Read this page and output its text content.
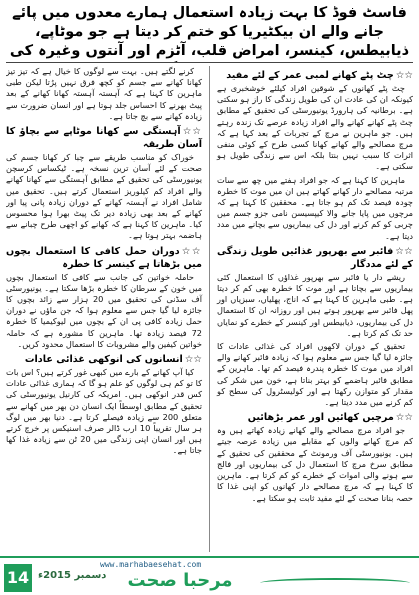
فاسٹ فوڈ کا بہت زیادہ استعمال ہمارے معدوں میں پائے جانے والے ان بیکٹیریا کو ختم کر دیتا ہے جو موٹاپے، ذیابیطس، کینسر، امراض قلب، آٹزم اور آنتوں وغیرہ کی
☆☆چٹ پٹے کھانے لمبی عمر کے لئے مفید
چٹ پٹے کھانوں کے شوقین افراد کیلئے خوشخبری ہے کیونکہ ان کی عادت ان کی طویل زندگی کا راز ہو سکتی ہے۔ برطانیہ کی ہارورڈ یونیورسٹی کی تحقیق کے مطابق چٹ پٹے کھانے کھانے والے افراد زیادہ عرصے تک زندہ رہتے ہیں۔ جو ماہرین نے مرچ کے تجربات کے بعد کہا ہے کہ مرچ مصالحے والے کھانے کھانا کسی طرح کے کوئی منفی اثرات کا سبب نہیں بنتا بلکہ اس سے زندگی طویل ہو سکتی ہے۔
ماہرین کا کہنا ہے کہ جو افراد ہفتے میں چھ سے سات مرتبہ مصالحے دار کھانے کھاتے ہیں ان میں موت کا خطرہ چودہ فیصد تک کم ہو جاتا ہے۔ محققین کا کہنا ہے کہ مرچوں میں پایا جانے والا کیپسیسن نامی جزو جسم میں چربی کو کم کرنے اور دل کی بیماریوں سے بچانے میں مدد دیتا ہے۔
☆☆فائبر سے بھرپور غذائیں طویل زندگی کے لئے مددگار
ریشے دار یا فائبر سے بھرپور غذاؤں کا استعمال کئی بیماریوں سے بچاتا ہے اور موت کا خطرہ بھی کم کر دیتا ہے۔ طبی ماہرین کا کہنا ہے کہ اناج، پھلیاں، سبزیاں اور پھل فائبر سے بھرپور ہوتے ہیں اور روزانہ ان کا استعمال دل کی بیماریوں، ذیابیطس اور کینسر کے خطرے کو نمایاں حد تک کم کرتا ہے۔
تحقیق کے دوران لاکھوں افراد کی غذائی عادات کا جائزہ لیا گیا جس سے معلوم ہوا کہ زیادہ فائبر کھانے والے افراد میں موت کا خطرہ پندرہ فیصد کم تھا۔ ماہرین کے مطابق فائبر ہاضمے کو بہتر بناتا ہے، خون میں شکر کی مقدار کو متوازن رکھتا ہے اور کولیسٹرول کی سطح کو کم کرنے میں مدد دیتا ہے۔
☆☆مرچیں کھائیں اور عمر بڑھائیں
جو افراد مرچ مصالحے والے کھانے زیادہ کھاتے ہیں وہ کم مرچ کھانے والوں کے مقابلے میں زیادہ عرصہ جیتے ہیں۔ یونیورسٹی آف ورمونٹ کے محققین کی تحقیق کے مطابق سرخ مرچ کا استعمال دل کی بیماریوں اور فالج سے ہونے والی اموات کے خطرے کو کم کرتا ہے۔ ماہرین کا کہنا ہے کہ مرچ مصالحے دار کھانوں کو اپنی غذا کا حصہ بنانا صحت کے لئے مفید ثابت ہو سکتا ہے۔
کرنے لگتے ہیں۔ بہت سے لوگوں کا خیال ہے کہ تیز تیز کھانا کھانے سے جسم کو کچھ فرق نہیں پڑتا لیکن طبی ماہرین کا کہنا ہے کہ آہستہ آہستہ کھانا کھانے کے بعد پیٹ بھرنے کا احساس جلد ہوتا ہے اور انسان ضرورت سے زیادہ کھانے سے بچ جاتا ہے۔
☆☆آہستگی سے کھانا موٹاپے سے بچاؤ کا آسان طریقہ
خوراک کو مناسب طریقے سے چبا کر کھانا جسم کی صحت کے لئے آسان ترین نسخہ ہے۔ ٹیکساس کرسچن یونیورسٹی کی تحقیق کے مطابق آہستگی سے کھانا کھانے والے افراد کم کیلوریز استعمال کرتے ہیں۔ تحقیق میں شامل افراد نے آہستہ کھانے کے دوران زیادہ پانی پیا اور کھانے کے بعد بھی زیادہ دیر تک پیٹ بھرا ہوا محسوس کیا۔ ماہرین کا کہنا ہے کہ کھانے کو اچھی طرح چبانے سے ہاضمہ بہتر ہوتا ہے۔
☆☆دوران حمل کافی کا استعمال بچوں میں بڑھاتا ہے کینسر کا خطرہ
حاملہ خواتین کی جانب سے کافی کا استعمال بچوں میں خون کے سرطان کا خطرہ بڑھا سکتا ہے۔ یونیورسٹی آف سڈنی کی تحقیق میں 20 ہزار سے زائد بچوں کا جائزہ لیا گیا جس سے معلوم ہوا کہ جن ماؤں نے دوران حمل زیادہ کافی پی ان کے بچوں میں لیوکیمیا کا خطرہ 72 فیصد زیادہ تھا۔ ماہرین کا مشورہ ہے کہ حاملہ خواتین کیفین والے مشروبات کا استعمال محدود کریں۔
☆☆انسانوں کی انوکھی غذائی عادات
کیا آپ کھانے کے بارے میں کبھی غور کرتے ہیں؟ اس بات کا تو کم ہی لوگوں کو علم ہو گا کہ ہماری غذائی عادات کس قدر انوکھی ہیں۔ امریکہ کی کارنیل یونیورسٹی کی تحقیق کے مطابق اوسطاً ایک انسان دن بھر میں کھانے سے متعلق 200 سے زیادہ فیصلے کرتا ہے۔ دنیا بھر میں لوگ ہر سال تقریباً 10 ارب ڈالر صرف اسنیکس پر خرچ کرتے ہیں اور انسان اپنی زندگی میں 20 ٹن سے زیادہ غذا کھا جاتا ہے۔
14 دسمبر 2015ء
www.marhabaesehat.com
مرحبا صحت
